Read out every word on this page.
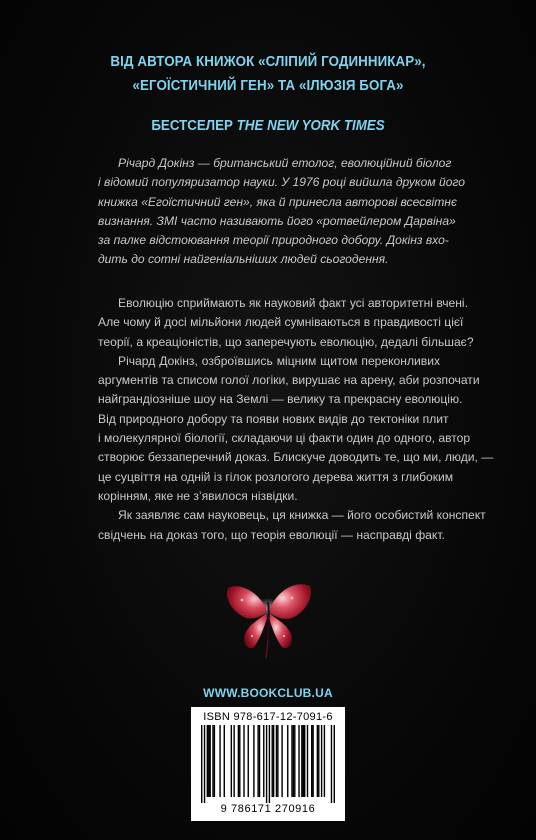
ВІД АВТОРА КНИЖОК «СЛІПИЙ ГОДИННИКАР»,
«ЕГОЇСТИЧНИЙ ГЕН» ТА «ІЛЮЗІЯ БОГА»
БЕСТСЕЛЕР THE NEW YORK TIMES
Річард Докінз — британський етолог, еволюційний біолог
і відомий популяризатор науки. У 1976 році вийшла друком його
книжка «Егоїстичний ген», яка й принесла авторові всесвітнє
визнання. ЗМІ часто називають його «ротвейлером Дарвіна»
за палке відстоювання теорії природного добору. Докінз вхо-
дить до сотні найгеніальніших людей сьогодення.
Еволюцію сприймають як науковий факт усі авторитетні вчені.
Але чому й досі мільйони людей сумніваються в правдивості цієї
теорії, а креаціоністів, що заперечують еволюцію, дедалі більшає?
Річард Докінз, озброївшись міцним щитом переконливих
аргументів та списом голої логіки, вирушає на арену, аби розпочати
найграндіозніше шоу на Землі — велику та прекрасну еволюцію.
Від природного добору та появи нових видів до тектоніки плит
і молекулярної біології, складаючи ці факти один до одного, автор
створює беззаперечний доказ. Блискуче доводить те, що ми, люди, —
це суцвіття на одній із гілок розлогого дерева життя з глибоким
корінням, яке не з’явилося нізвідки.
Як заявляє сам науковець, ця книжка — його особистий конспект
свідчень на доказ того, що теорія еволюції — насправді факт.
WWW.BOOKCLUB.UA
ISBN 978-617-12-7091-6
9 786171 270916
